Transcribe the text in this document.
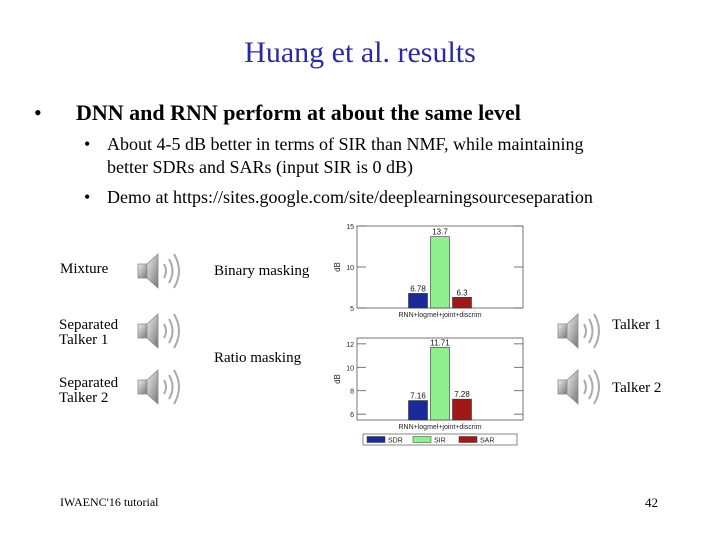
Huang et al. results
• DNN and RNN perform at about the same level
• About 4-5 dB better in terms of SIR than NMF, while maintaining
better SDRs and SARs (input SIR is 0 dB)
• Demo at https://sites.google.com/site/deeplearningsourceseparation
Mixture
Separated
Talker 1
Separated
Talker 2
Binary masking
Ratio masking
Talker 1
Talker 2
5
10
15
dB
6.78
13.7
6.3
RNN+logmel+joint+discrim
6
8
10
12
dB
7.16
11.71
7.28
RNN+logmel+joint+discrim
SDR	SIR	SAR
IWAENC'16 tutorial	42
